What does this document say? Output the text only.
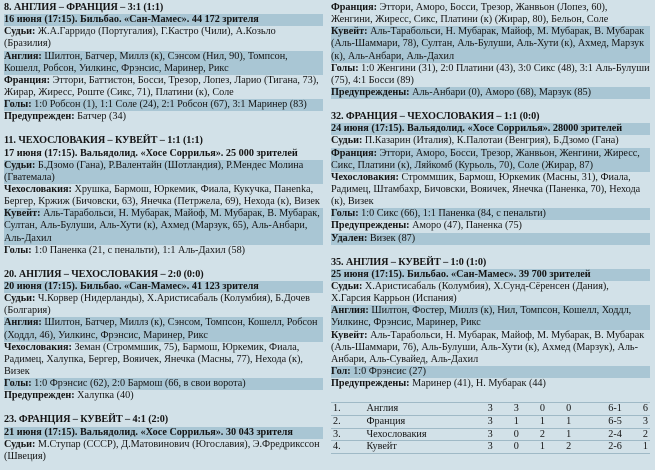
8. АНГЛИЯ – ФРАНЦИЯ – 3:1 (1:1)
16 июня (17:15). Бильбао. «Сан-Мамес». 44 172 зрителя
Судьи: Ж.А.Гарридо (Португалия), Г.Кастро (Чили), А.Козьло (Бразилия)
Англия: Шилтон, Батчер, Миллз (к), Сэнсом (Нил, 90), Томпсон, Кошелл, Робсон, Уилкинс, Фрэнсис, Маринер, Рикс
Франция: Эттори, Баттистон, Босси, Трезор, Лопез, Ларио (Тигана, 73), Жирар, Жиресс, Роште (Сикс, 71), Платини (к), Соле
Голы: 1:0 Робсон (1), 1:1 Соле (24), 2:1 Робсон (67), 3:1 Маринер (83)
Предупрежден: Батчер (34)
11. ЧЕХОСЛОВАКИЯ – КУВЕЙТ – 1:1 (1:1)
17 июня (17:15). Вальядолид. «Хосе Соррилья». 25 000 зрителей
Судьи: Б.Дзомо (Гана), Р.Валентайн (Шотландия), Р.Мендес Молина (Гватемала)
Чехословакия: Хрушка, Бармош, Юркемик, Фиала, Кукучка, Панenka, Бергер, Кржиж (Бичовски, 63), Янечка (Петржела, 69), Нехода (к), Визек
Кувейт: Аль-Тарабольси, Н. Мубарак, Майоф, М. Мубарак, В. Мубарак, Султан, Аль-Булуши, Аль-Хути (к), Ахмед (Марзук, 65), Аль-Анбари, Аль-Дахил
Голы: 1:0 Паненка (21, с пенальти), 1:1 Аль-Дахил (58)
20. АНГЛИЯ – ЧЕХОСЛОВАКИЯ – 2:0 (0:0)
20 июня (17:15). Бильбао. «Сан-Мамес». 41 123 зрителя
Судьи: Ч.Корвер (Нидерланды), Х.Аристисабаль (Колумбия), Б.Дочев (Болгария)
Англия: Шилтон, Батчер, Миллз (к), Сэнсом, Томпсон, Кошелл, Робсон (Ходдл, 46), Уилкинс, Фрэнсис, Маринер, Рикс
Чехословакия: Земан (Строммшик, 75), Бармош, Юркемик, Фиала, Радимец, Халупка, Бергер, Вояичек, Янечка (Масны, 77), Нехода (к), Визек
Голы: 1:0 Фрэнсис (62), 2:0 Бармош (66, в свои ворота)
Предупрежден: Халупка (40)
23. ФРАНЦИЯ – КУВЕЙТ – 4:1 (2:0)
21 июня (17:15). Вальядолид. «Хосе Соррилья». 30 043 зрителя
Судьи: М.Ступар (СССР), Д.Матовинович (Югославия), Э.Фредрикссон (Швеция)
Франция: Эттори, Аморо, Босси, Трезор, Жанвьон (Лопез, 60), Женгини, Жиресс, Сикс, Платини (к) (Жирар, 80), Бельон, Соле
Кувейт: Аль-Тарабольси, Н. Мубарак, Майоф, М. Мубарак, В. Мубарак (Аль-Шаммари, 78), Султан, Аль-Булуши, Аль-Хути (к), Ахмед, Марзук (к), Аль-Анбари, Аль-Дахил
Голы: 1:0 Женгини (31), 2:0 Платини (43), 3:0 Сикс (48), 3:1 Аль-Булуши (75), 4:1 Босси (89)
Предупреждены: Аль-Анбари (0), Аморо (68), Марзук (85)
32. ФРАНЦИЯ – ЧЕХОСЛОВАКИЯ – 1:1 (0:0)
24 июня (17:15). Вальядолид. «Хосе Соррилья». 28000 зрителей
Судьи: П.Казарин (Италия), К.Палотаи (Венгрия), Б.Дзомо (Гана)
Франция: Эттори, Аморо, Босси, Трезор, Жанвьон, Женгини, Жиресс, Сикс, Платини (к), Ляйкомб (Курьоль, 70), Соле (Жирар, 87)
Чехословакия: Строммшик, Бармош, Юркемик (Масны, 31), Фиала, Радимец, Штамбахр, Бичовски, Вояичек, Янечка (Паненка, 70), Нехода (к), Визек
Голы: 1:0 Сикс (66), 1:1 Паненка (84, с пенальти)
Предупреждены: Аморо (47), Паненка (75)
Удален: Визек (87)
35. АНГЛИЯ – КУВЕЙТ – 1:0 (1:0)
25 июня (17:15). Бильбао. «Сан-Мамес». 39 700 зрителей
Судьи: Х.Аристисабаль (Колумбия), Х.Сунд-Сёренсен (Дания), Х.Гарсия Каррьон (Испания)
Англия: Шилтон, Фостер, Миллз (к), Нил, Томпсон, Кошелл, Ходдл, Уилкинс, Фрэнсис, Маринер, Рикс
Кувейт: Аль-Тарабольси, Н. Мубарак, Майоф, М. Мубарак, В. Мубарак (Аль-Шаммари, 76), Аль-Булуши, Аль-Хути (к), Ахмед (Марзук), Аль-Анбари, Аль-Сувайед, Аль-Дахил
Гол: 1:0 Фрэнсис (27)
Предупреждены: Маринер (41), Н. Мубарак (44)
1.	Англия	3	3	0	0	6-1	6
2.	Франция	3	1	1	1	6-5	3
3.	Чехословакия	3	0	2	1	2-4	2
4.	Кувейт	3	0	1	2	2-6	1
